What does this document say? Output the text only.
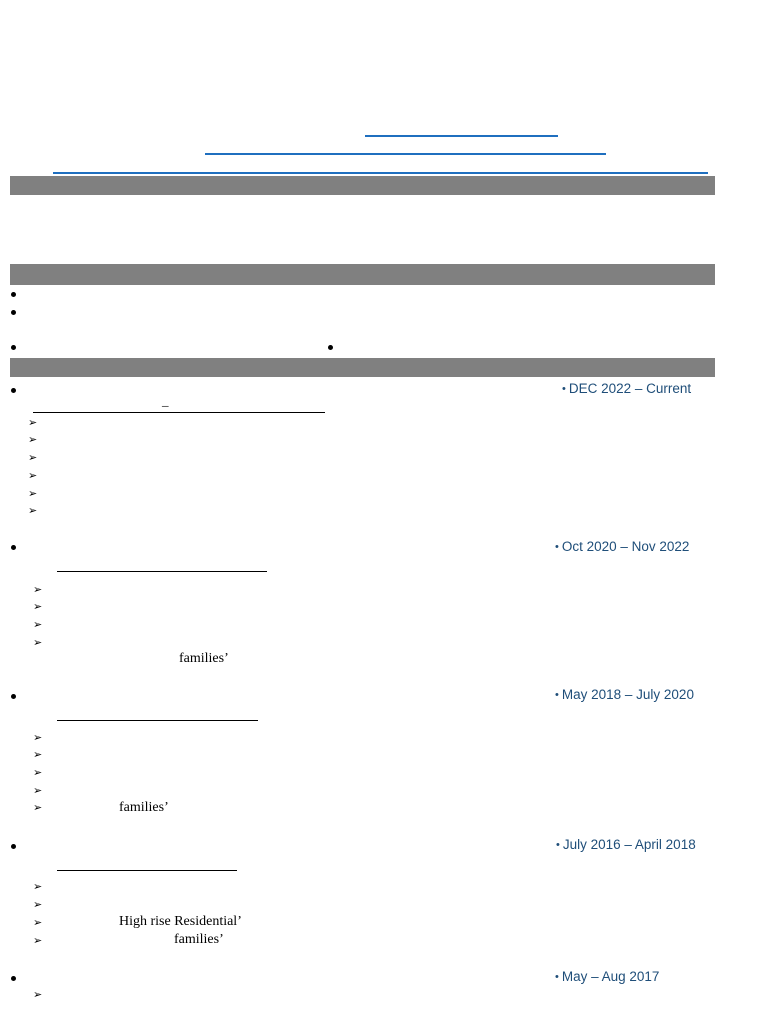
• DEC 2022 – Current
_
➢
➢
➢
➢
➢
➢
• Oct 2020 – Nov 2022
➢
➢
➢
➢
families’
• May 2018 – July 2020
➢
➢
➢
➢
➢	families’
• July 2016 – April 2018
➢
➢
➢
➢
High rise Residential’
families’
• May – Aug 2017
➢
